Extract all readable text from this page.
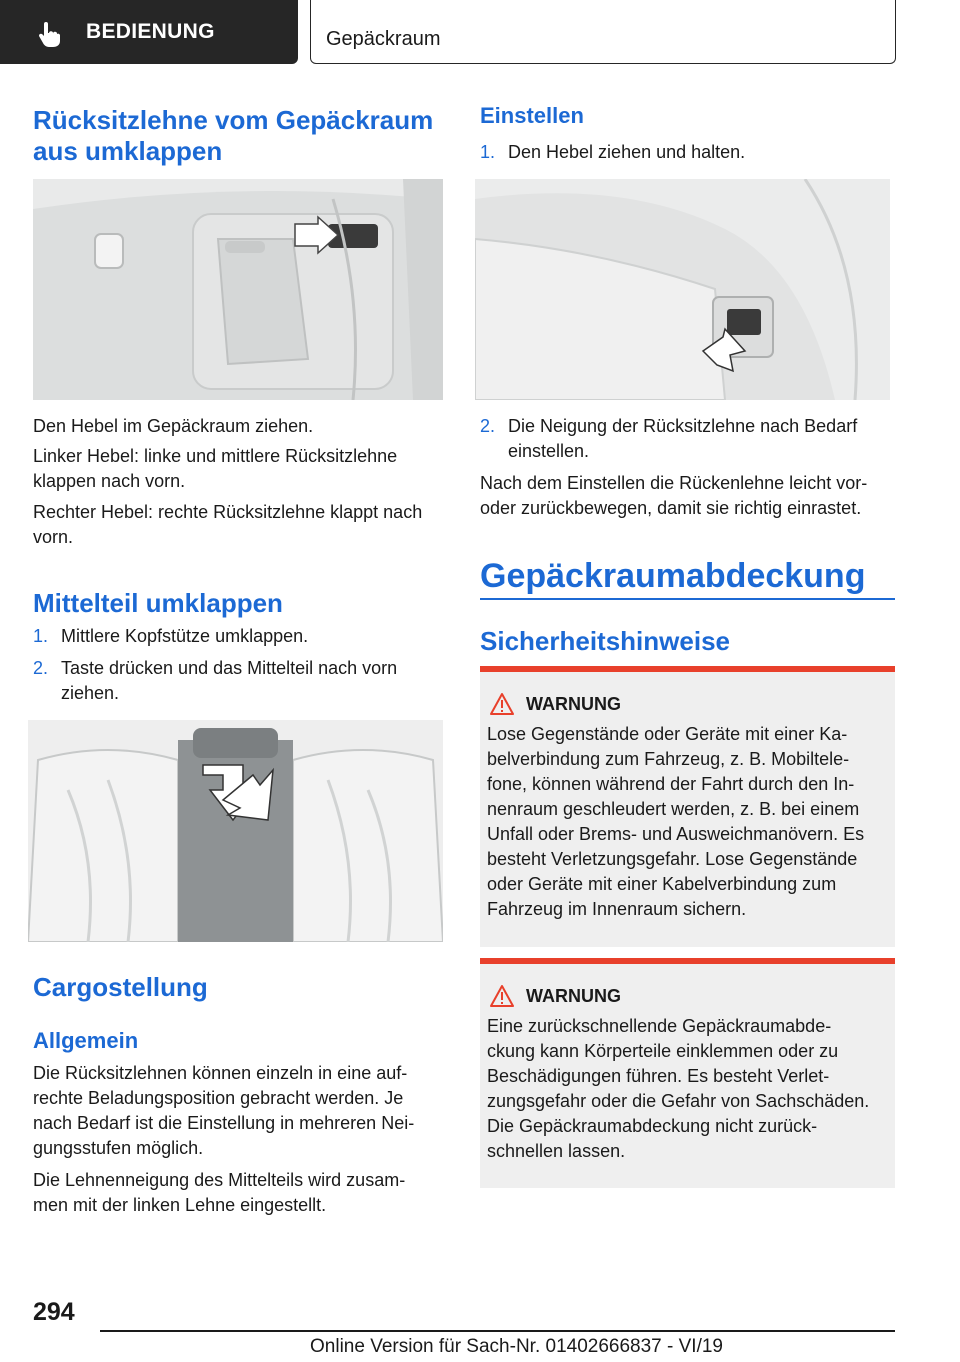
BEDIENUNG	Gepäckraum
Rücksitzlehne vom Gepäckraum
aus umklappen
Den Hebel im Gepäckraum ziehen.
Linker Hebel: linke und mittlere Rücksitzlehne
klappen nach vorn.
Rechter Hebel: rechte Rücksitzlehne klappt nach
vorn.
Mittelteil umklappen
1. Mittlere Kopfstütze umklappen.
2. Taste drücken und das Mittelteil nach vorn
ziehen.
Cargostellung
Allgemein
Die Rücksitzlehnen können einzeln in eine auf-
rechte Beladungsposition gebracht werden. Je
nach Bedarf ist die Einstellung in mehreren Nei-
gungsstufen möglich.
Die Lehnenneigung des Mittelteils wird zusam-
men mit der linken Lehne eingestellt.
Einstellen
1. Den Hebel ziehen und halten.
2. Die Neigung der Rücksitzlehne nach Bedarf
einstellen.
Nach dem Einstellen die Rückenlehne leicht vor-
oder zurückbewegen, damit sie richtig einrastet.
Gepäckraumabdeckung
Sicherheitshinweise
WARNUNG
Lose Gegenstände oder Geräte mit einer Ka-
belverbindung zum Fahrzeug, z. B. Mobiltele-
fone, können während der Fahrt durch den In-
nenraum geschleudert werden, z. B. bei einem
Unfall oder Brems- und Ausweichmanövern. Es
besteht Verletzungsgefahr. Lose Gegenstände
oder Geräte mit einer Kabelverbindung zum
Fahrzeug im Innenraum sichern.
WARNUNG
Eine zurückschnellende Gepäckraumabde-
ckung kann Körperteile einklemmen oder zu
Beschädigungen führen. Es besteht Verlet-
zungsgefahr oder die Gefahr von Sachschäden.
Die Gepäckraumabdeckung nicht zurück-
schnellen lassen.
294
Online Version für Sach-Nr. 01402666837 - VI/19
